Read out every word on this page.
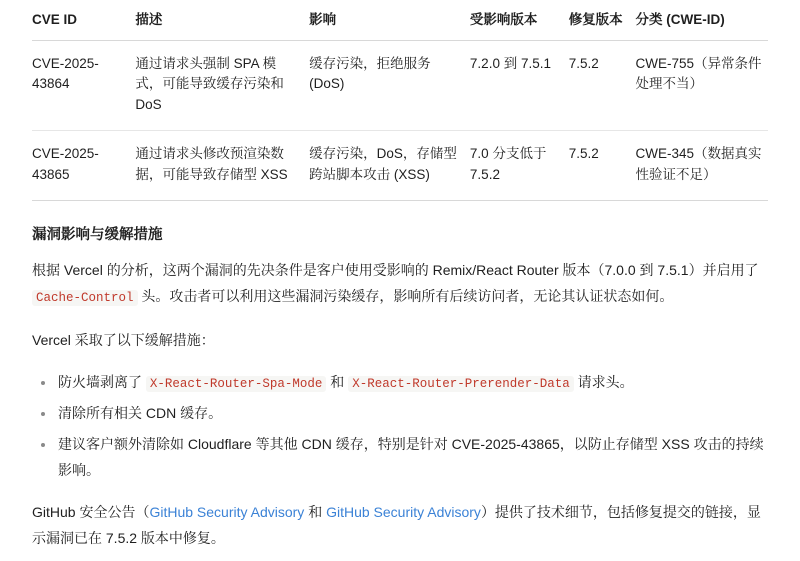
CVE ID	描述	影响	受影响版本	修复版本	分类 (CWE-ID)
CVE-2025-43864	通过请求头强制 SPA 模式，可能导致缓存污染和 DoS	缓存污染，拒绝服务 (DoS)	7.2.0 到 7.5.1	7.5.2	CWE-755（异常条件处理不当）
CVE-2025-43865	通过请求头修改预渲染数据，可能导致存储型 XSS	缓存污染，DoS，存储型跨站脚本攻击 (XSS)	7.0 分支低于 7.5.2	7.5.2	CWE-345（数据真实性验证不足）
漏洞影响与缓解措施

根据 Vercel 的分析，这两个漏洞的先决条件是客户使用受影响的 Remix/React Router 版本（7.0.0 到 7.5.1）并启用了 Cache-Control 头。攻击者可以利用这些漏洞污染缓存，影响所有后续访问者，无论其认证状态如何。

Vercel 采取了以下缓解措施：

防火墙剥离了 X-React-Router-Spa-Mode 和 X-React-Router-Prerender-Data 请求头。
清除所有相关 CDN 缓存。
建议客户额外清除如 Cloudflare 等其他 CDN 缓存，特别是针对 CVE-2025-43865，以防止存储型 XSS 攻击的持续影响。

GitHub 安全公告（GitHub Security Advisory 和 GitHub Security Advisory）提供了技术细节，包括修复提交的链接，显示漏洞已在 7.5.2 版本中修复。
